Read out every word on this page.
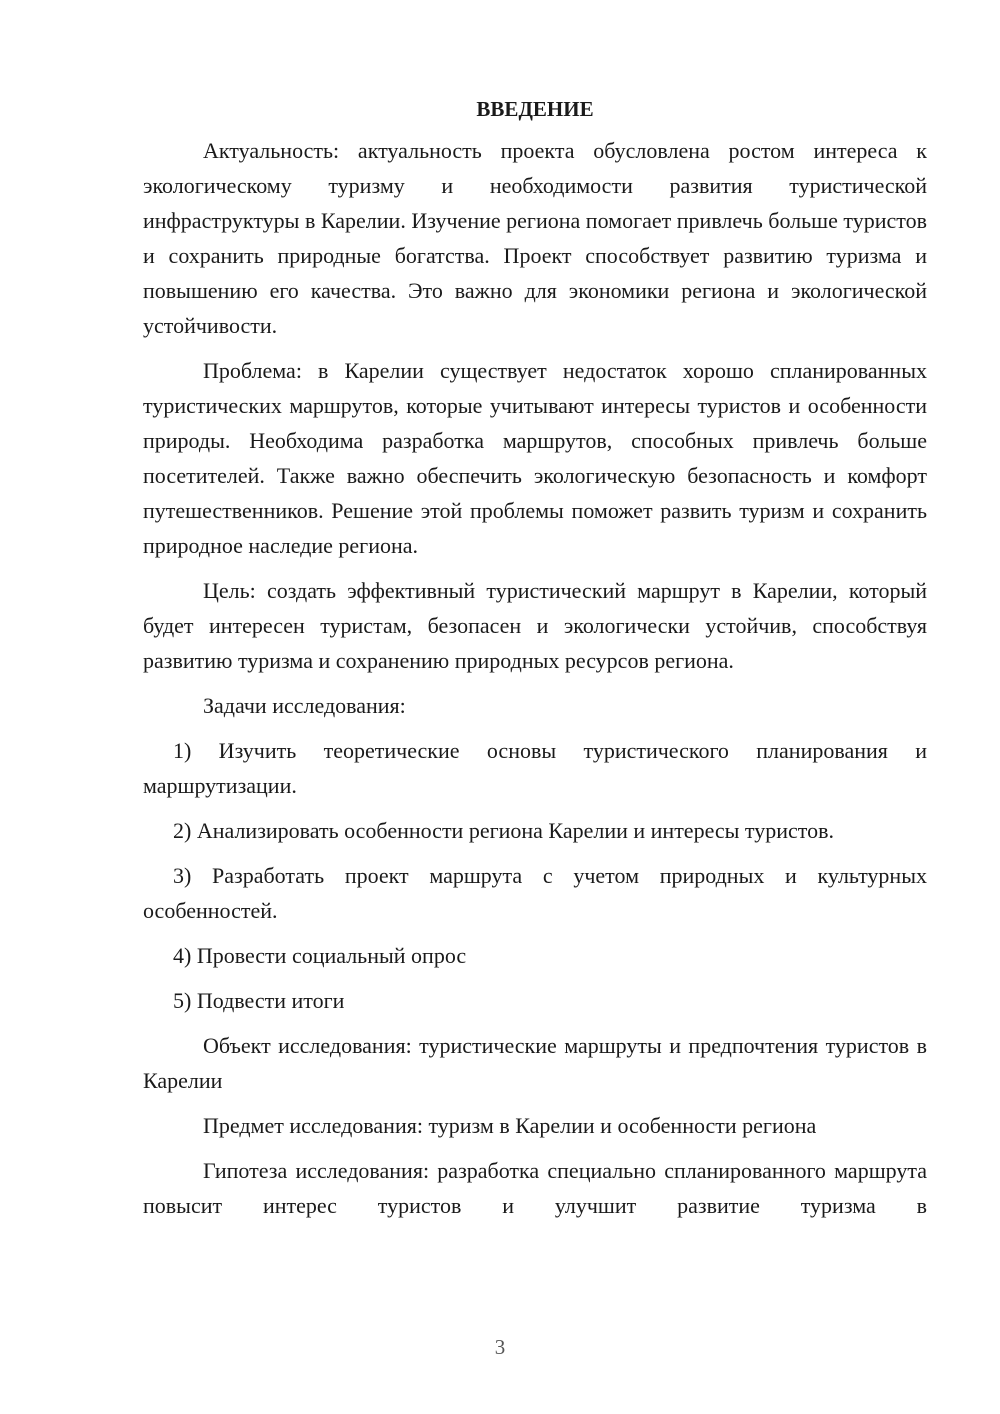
ВВЕДЕНИЕ

Актуальность: актуальность проекта обусловлена ростом интереса к экологическому туризму и необходимости развития туристической инфраструктуры в Карелии. Изучение региона помогает привлечь больше туристов и сохранить природные богатства. Проект способствует развитию туризма и повышению его качества. Это важно для экономики региона и экологической устойчивости.

Проблема: в Карелии существует недостаток хорошо спланированных туристических маршрутов, которые учитывают интересы туристов и особенности природы. Необходима разработка маршрутов, способных привлечь больше посетителей. Также важно обеспечить экологическую безопасность и комфорт путешественников. Решение этой проблемы поможет развить туризм и сохранить природное наследие региона.

Цель: создать эффективный туристический маршрут в Карелии, который будет интересен туристам, безопасен и экологически устойчив, способствуя развитию туризма и сохранению природных ресурсов региона.

Задачи исследования:

1) Изучить теоретические основы туристического планирования и маршрутизации.

2) Анализировать особенности региона Карелии и интересы туристов.

3) Разработать проект маршрута с учетом природных и культурных особенностей.

4) Провести социальный опрос

5) Подвести итоги

Объект исследования: туристические маршруты и предпочтения туристов в Карелии

Предмет исследования: туризм в Карелии и особенности региона

Гипотеза исследования: разработка специально спланированного маршрута повысит интерес туристов и улучшит развитие туризма в

3
